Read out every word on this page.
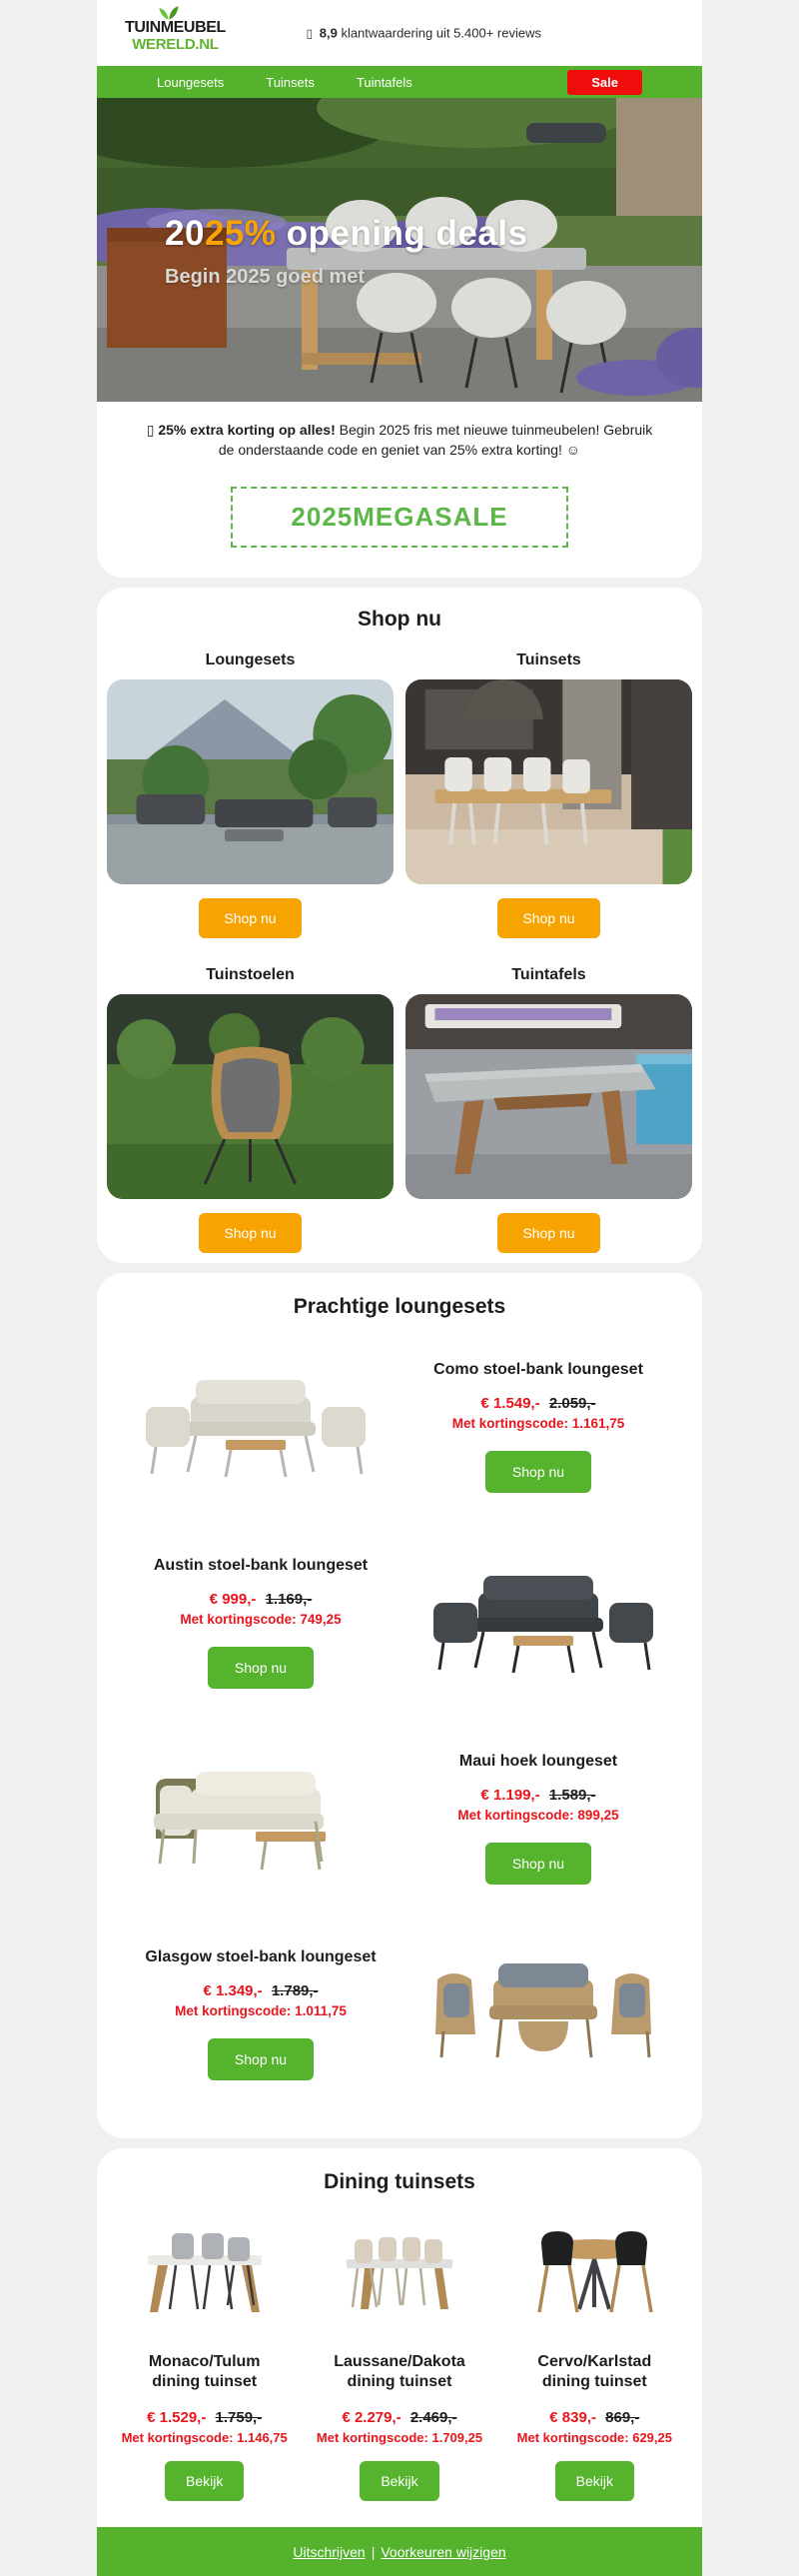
TUINMEUBEL
WERELD.NL
▯ 8,9 klantwaardering uit 5.400+ reviews
Loungesets	Tuinsets	Tuintafels	Sale
2025% opening deals
Begin 2025 goed met
▯ 25% extra korting op alles! Begin 2025 fris met nieuwe tuinmeubelen! Gebruik de onderstaande code en geniet van 25% extra korting! ☺
2025MEGASALE
Shop nu
Loungesets
Shop nu
Tuinsets
Shop nu
Tuinstoelen
Shop nu
Tuintafels
Shop nu
Prachtige loungesets
Como stoel-bank loungeset
€ 1.549,- 2.059,-
Met kortingscode: 1.161,75
Shop nu
Austin stoel-bank loungeset
€ 999,- 1.169,-
Met kortingscode: 749,25
Shop nu
Maui hoek loungeset
€ 1.199,- 1.589,-
Met kortingscode: 899,25
Shop nu
Glasgow stoel-bank loungeset
€ 1.349,- 1.789,-
Met kortingscode: 1.011,75
Shop nu
Dining tuinsets
Monaco/Tulum
dining tuinset
€ 1.529,- 1.759,-
Met kortingscode: 1.146,75
Bekijk
Laussane/Dakota
dining tuinset
€ 2.279,- 2.469,-
Met kortingscode: 1.709,25
Bekijk
Cervo/Karlstad
dining tuinset
€ 839,- 869,-
Met kortingscode: 629,25
Bekijk
Uitschrijven | Voorkeuren wijzigen
